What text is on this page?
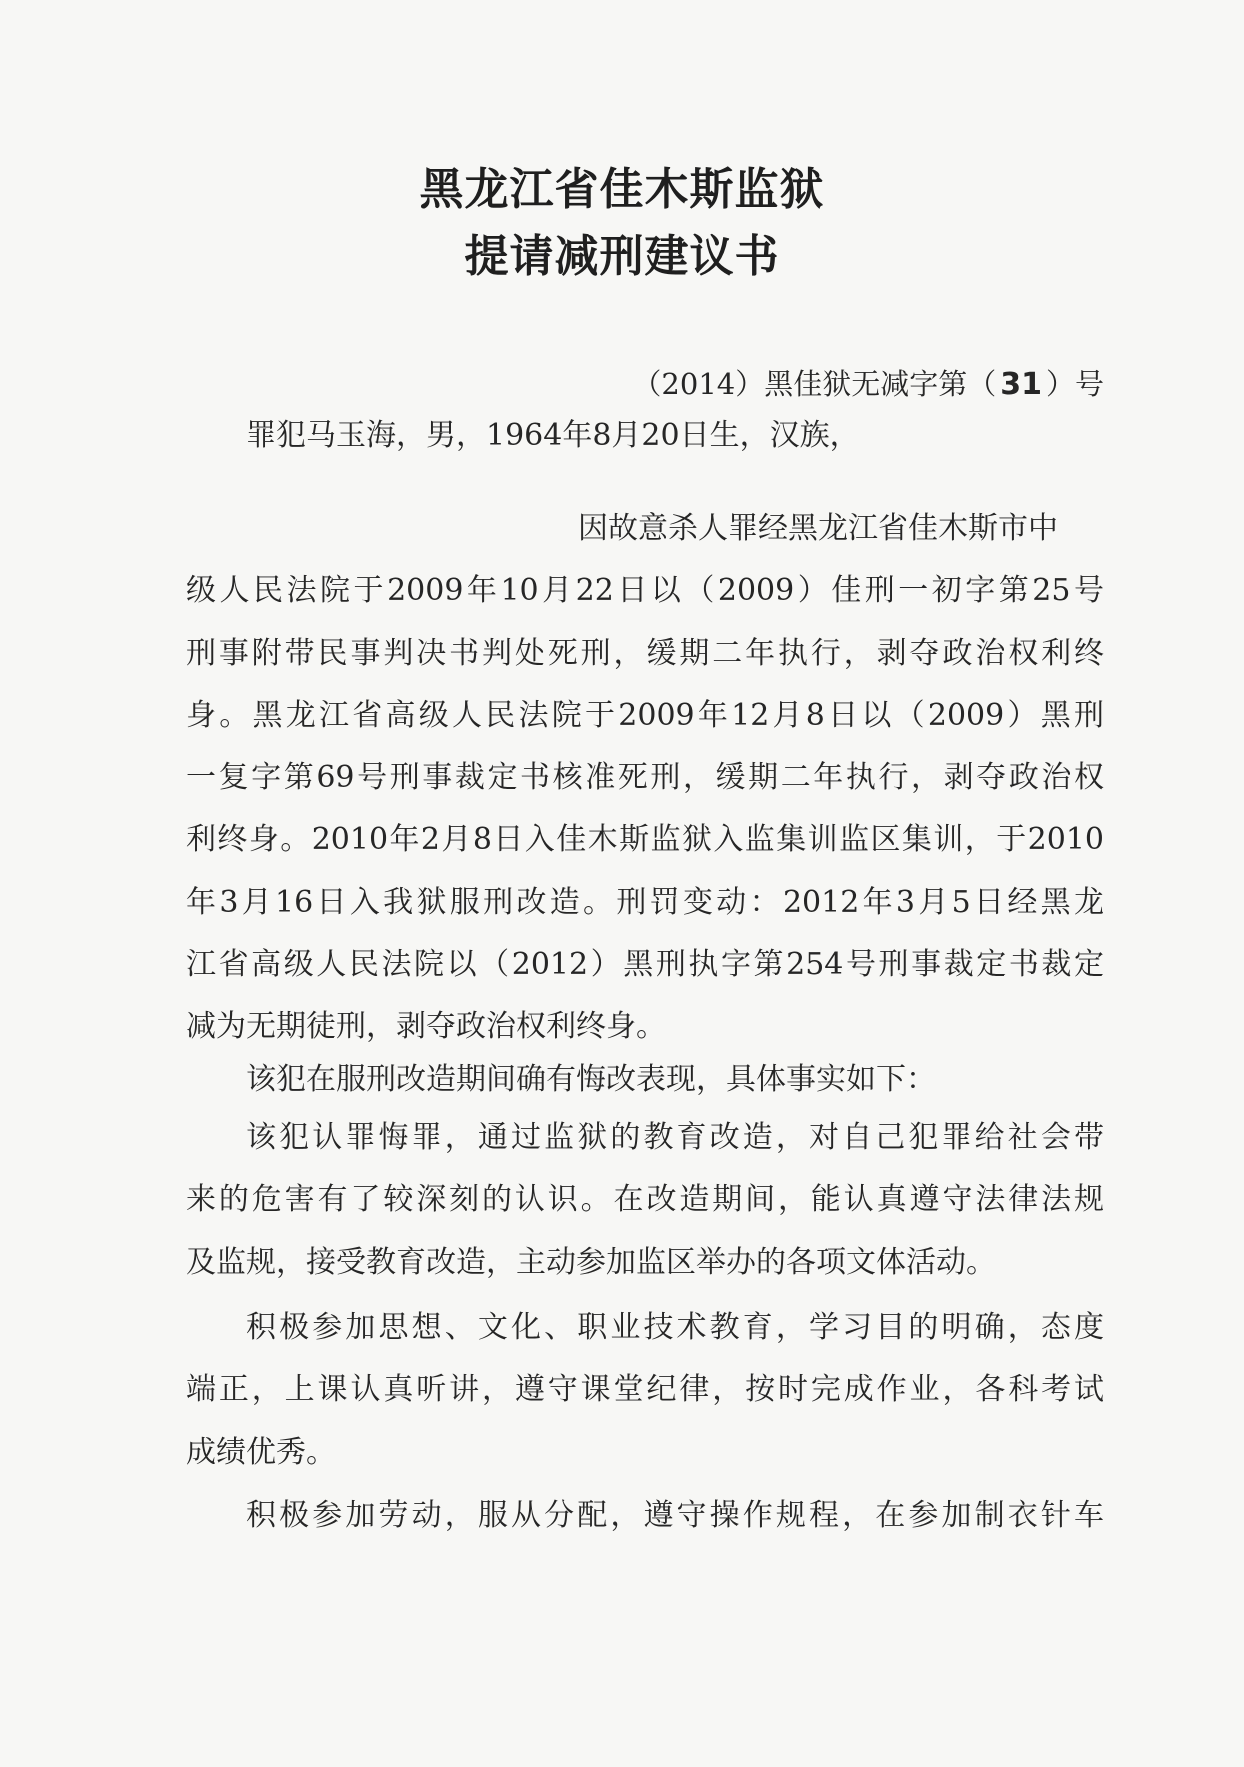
黑龙江省佳木斯监狱
提请减刑建议书
（2014）黑佳狱无减字第（ 31 ）号
罪犯马玉海，男，1964年8月20日生，汉族，
因故意杀人罪经黑龙江省佳木斯市中
级人民法院于2009年10月22日以（2009）佳刑一初字第25号
刑事附带民事判决书判处死刑，缓期二年执行，剥夺政治权利终
身。黑龙江省高级人民法院于2009年12月8日以（2009）黑刑
一复字第69号刑事裁定书核准死刑，缓期二年执行，剥夺政治权
利终身。2010年2月8日入佳木斯监狱入监集训监区集训，于2010
年3月16日入我狱服刑改造。刑罚变动：2012年3月5日经黑龙
江省高级人民法院以（2012）黑刑执字第254号刑事裁定书裁定
减为无期徒刑，剥夺政治权利终身。
该犯在服刑改造期间确有悔改表现，具体事实如下：
该犯认罪悔罪，通过监狱的教育改造，对自己犯罪给社会带
来的危害有了较深刻的认识。在改造期间，能认真遵守法律法规
及监规，接受教育改造，主动参加监区举办的各项文体活动。
积极参加思想、文化、职业技术教育，学习目的明确，态度
端正，上课认真听讲，遵守课堂纪律，按时完成作业，各科考试
成绩优秀。
积极参加劳动，服从分配，遵守操作规程，在参加制衣针车
